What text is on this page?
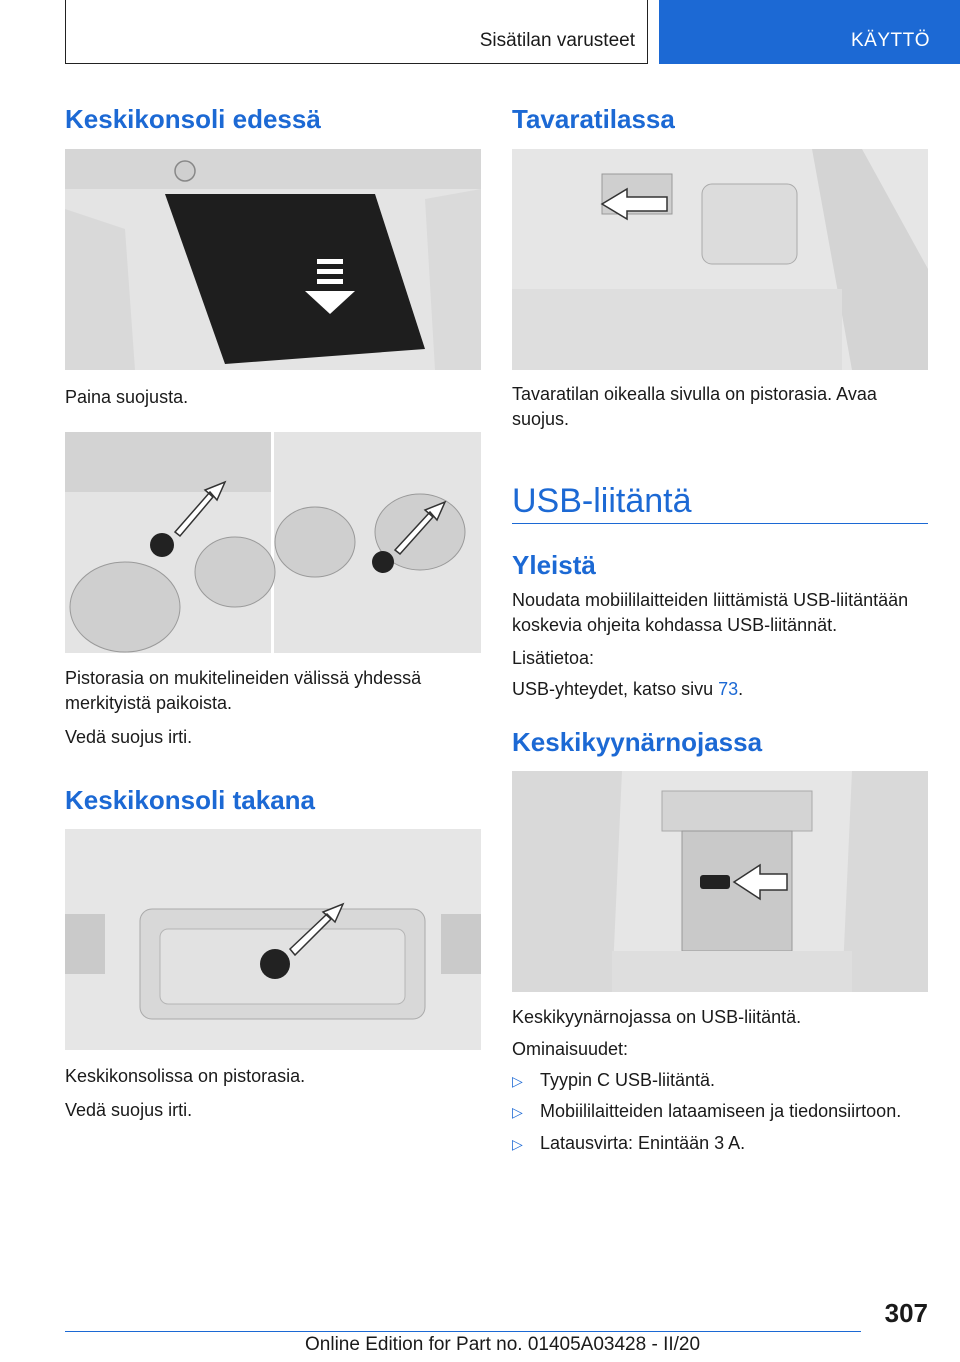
Sisätilan varusteet	KÄYTTÖ
Keskikonsoli edessä

Paina suojusta.

Pistorasia on mukitelineiden välissä yhdessä merkityistä paikoista.

Vedä suojus irti.

Keskikonsoli takana

Keskikonsolissa on pistorasia.

Vedä suojus irti.

Tavaratilassa

Tavaratilan oikealla sivulla on pistorasia. Avaa suojus.

USB-liitäntä
Yleistä

Noudata mobiililaitteiden liittämistä USB-liitäntään koskevia ohjeita kohdassa USB-liitännät.

Lisätietoa:

USB-yhteydet, katso sivu 73.

Keskikyynärnojassa

Keskikyynärnojassa on USB-liitäntä.

Ominaisuudet:

▷ Tyypin C USB-liitäntä.
▷ Mobiililaitteiden lataamiseen ja tiedonsiirtoon.
▷ Latausvirta: Enintään 3 A.
307
Online Edition for Part no. 01405A03428 - II/20
